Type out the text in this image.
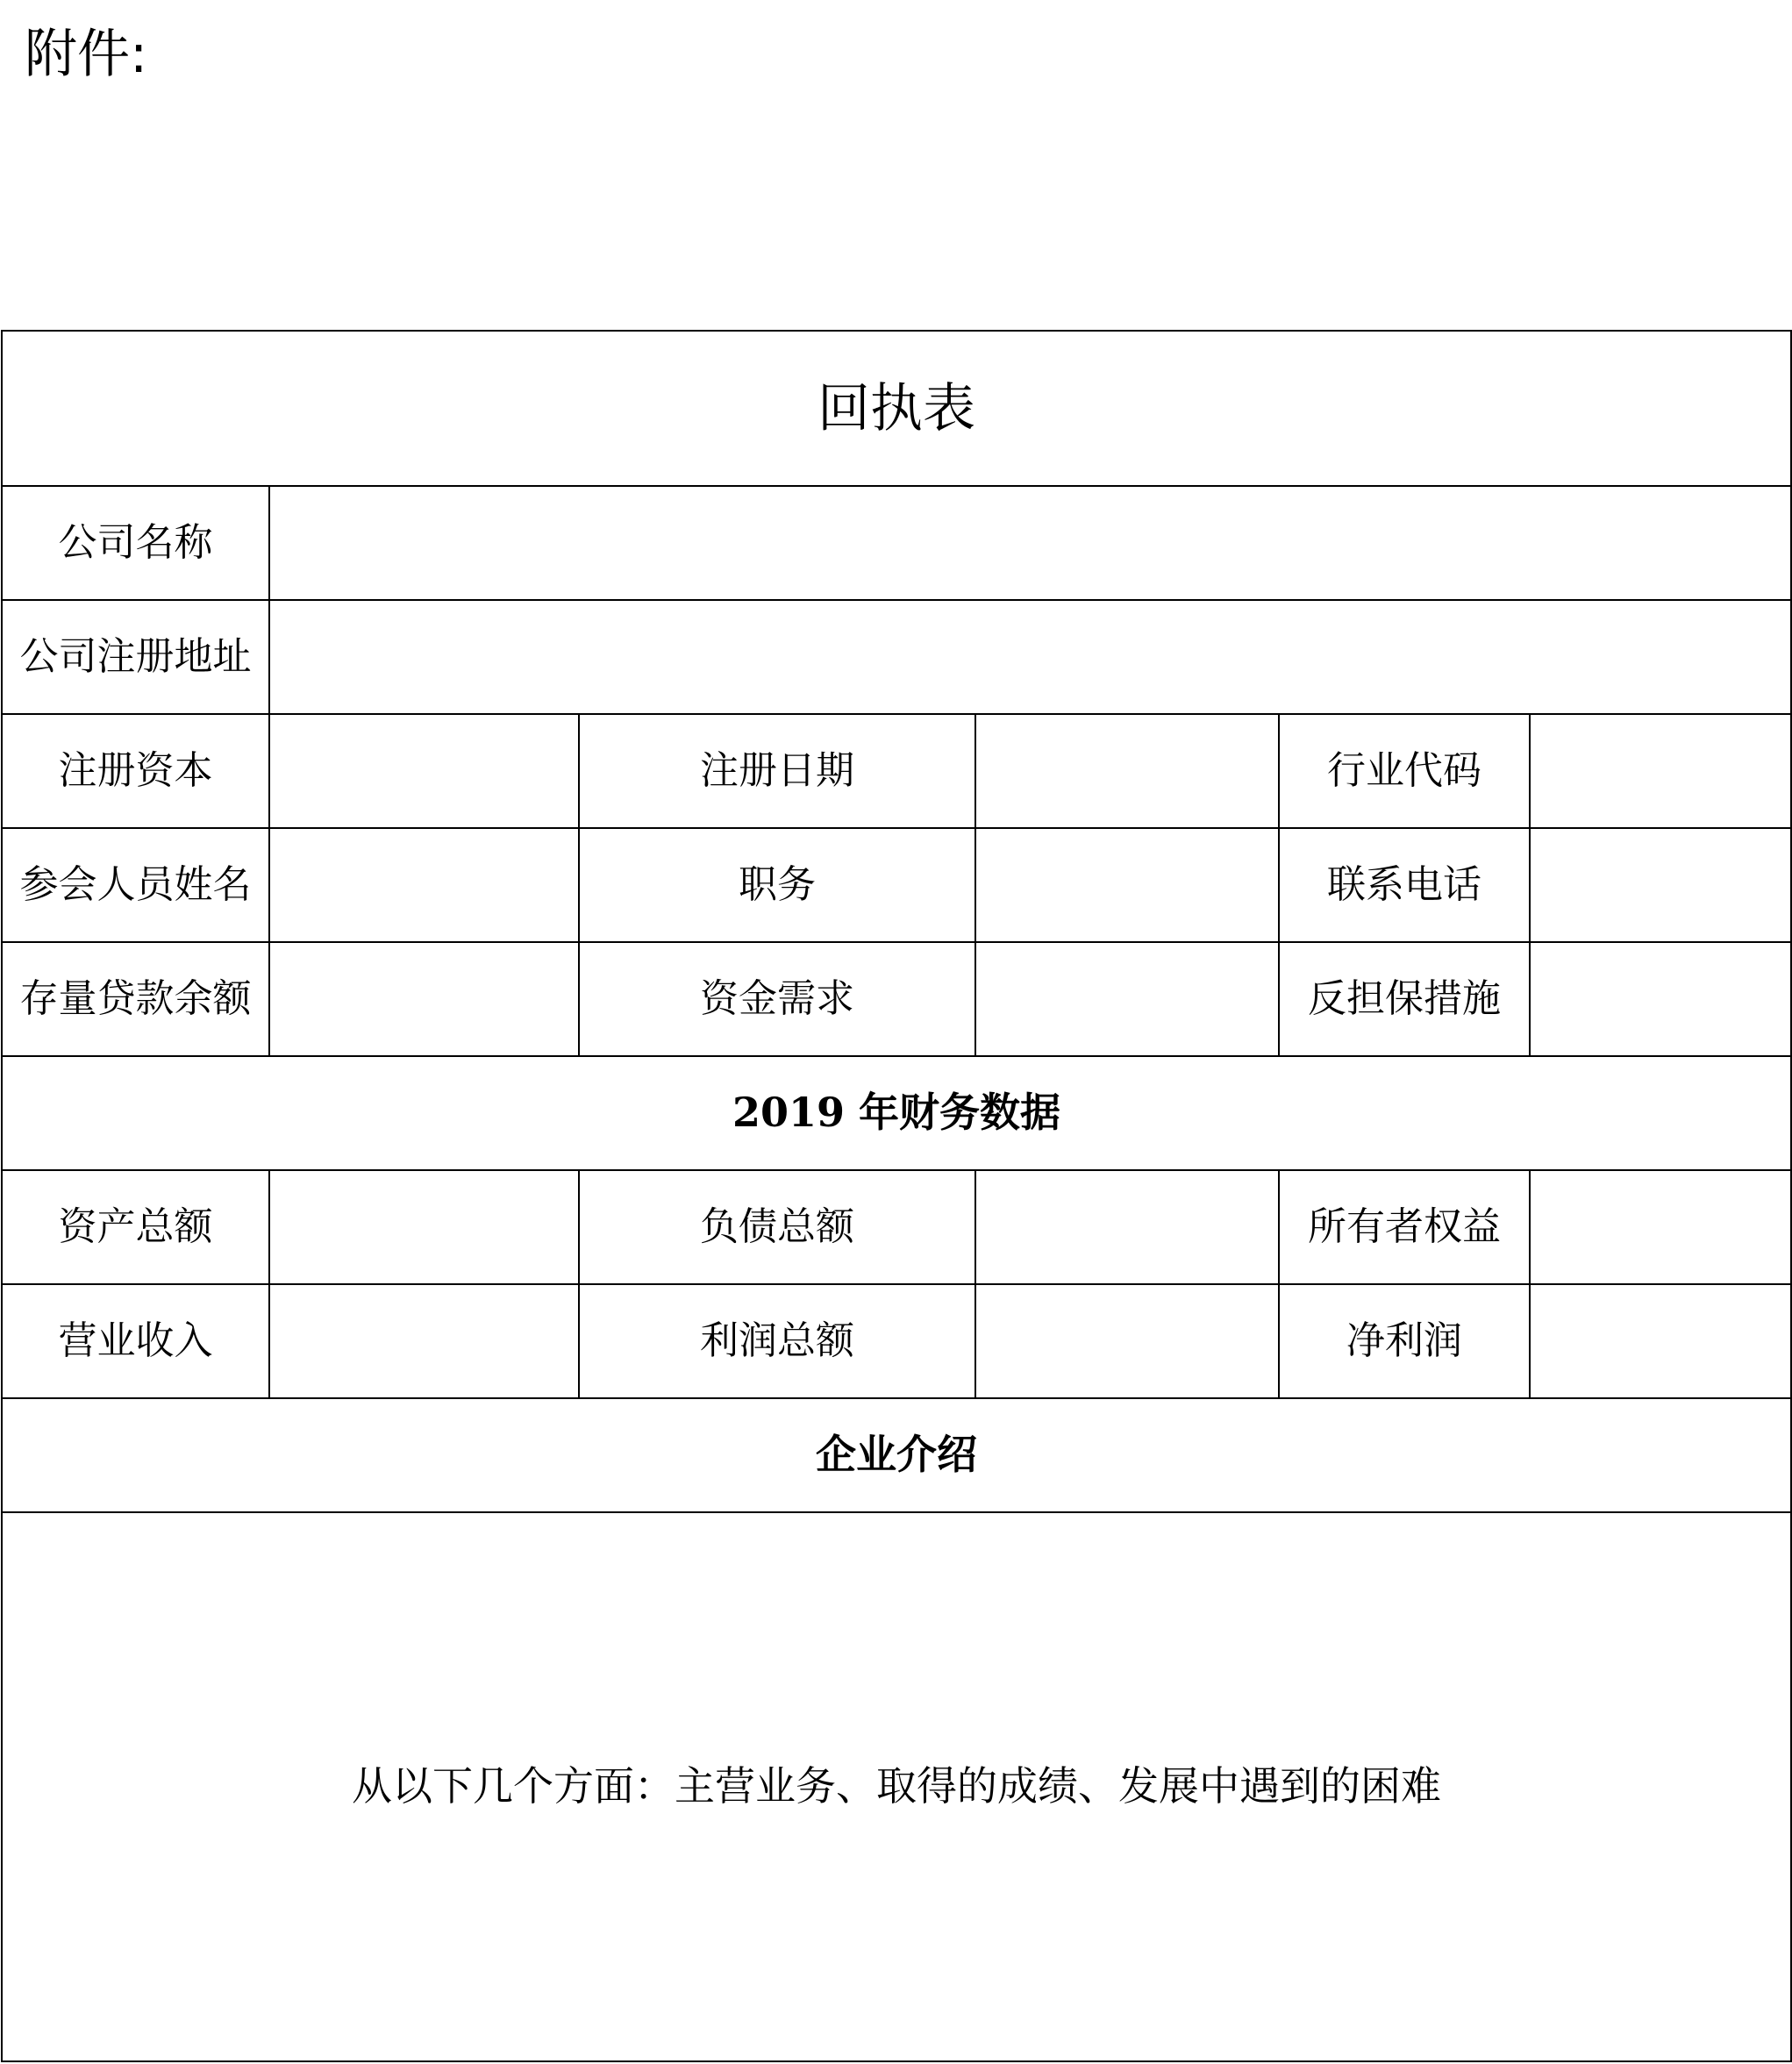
附件:
回执表					
公司名称					
公司注册地址					
注册资本		注册日期		行业代码	
参会人员姓名		职务		联系电话	
存量贷款余额		资金需求		反担保措施	
2019 年财务数据					
资产总额		负债总额		所有者权益	
营业收入		利润总额		净利润	
企业介绍					
从以下几个方面：主营业务、取得的成绩、发展中遇到的困难					
